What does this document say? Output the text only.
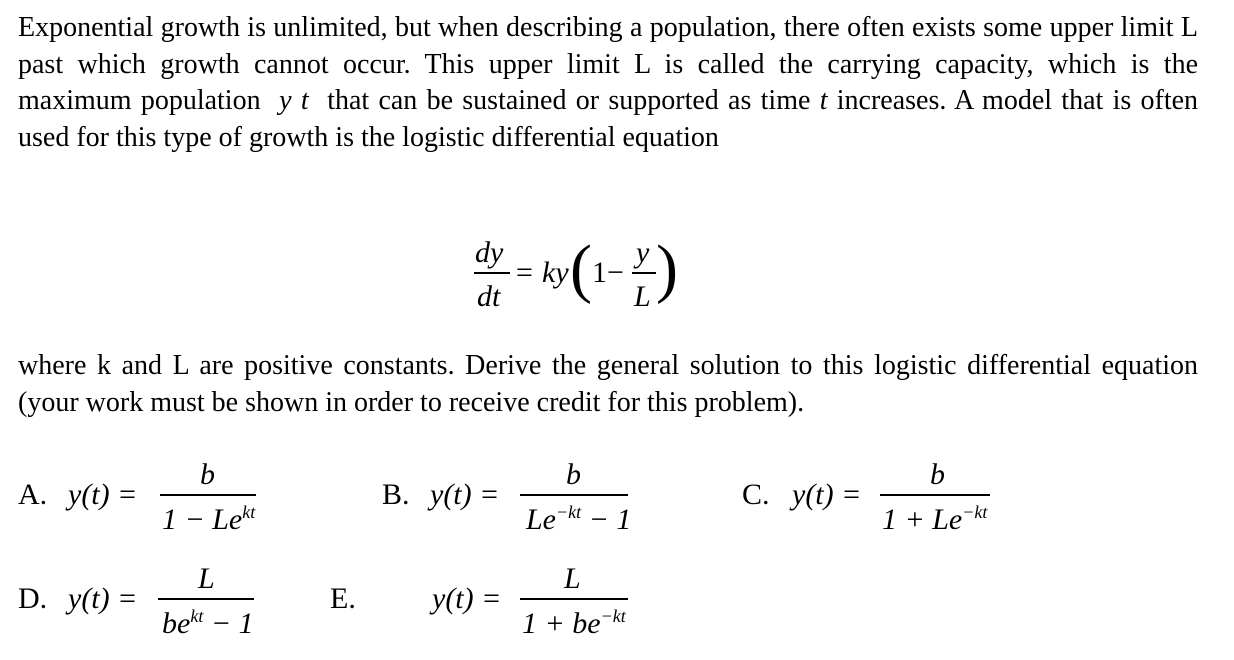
Exponential growth is unlimited, but when describing a population, there often exists some upper limit L past which growth cannot occur. This upper limit L is called the carrying capacity, which is the maximum population y t that can be sustained or supported as time t increases. A model that is often used for this type of growth is the logistic differential equation
dy
dt
= ky ( 1−
y
L )
where k and L are positive constants. Derive the general solution to this logistic differential equation (your work must be shown in order to receive credit for this problem).
A. y(t) =
b
$1 - Le^{kt}$
B. y(t) =
b
$Le^{-kt} - 1$
C. y(t) =
b
$1 + Le^{-kt}$
D. y(t) =
L
$be^{kt} - 1$
E.	y(t) =
L
$1 + be^{-kt}$
